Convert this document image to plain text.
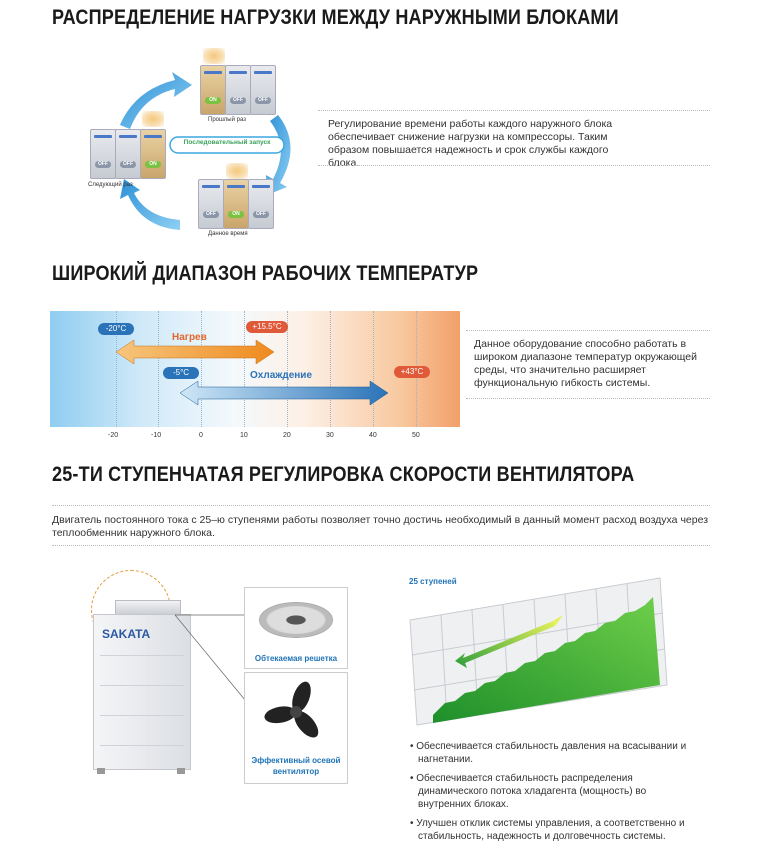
РАСПРЕДЕЛЕНИЕ НАГРУЗКИ МЕЖДУ НАРУЖНЫМИ БЛОКАМИ
Последовательный запуск
ON	OFF	OFF
Прошлый раз
OFF	OFF	ON
Следующий раз
OFF	ON	OFF
Данное время
Регулирование времени работы каждого наружного блока обеспечивает снижение нагрузки на компрессоры. Таким образом повышается надежность и срок службы каждого блока.
ШИРОКИЙ ДИАПАЗОН РАБОЧИХ ТЕМПЕРАТУР
Нагрев
Охлаждение
-20°C	+15.5°C
-5°C	+43°C
-20	-10	0	10	20	30	40	50
Данное оборудование способно работать в широком диапазоне температур окружающей среды, что значительно расширяет функциональную гибкость системы.
25-ТИ СТУПЕНЧАТАЯ РЕГУЛИРОВКА СКОРОСТИ ВЕНТИЛЯТОРА
Двигатель постоянного тока с 25–ю ступенями работы позволяет точно достичь необходимый в данный момент расход воздуха через теплообменник наружного блока.
SAKATA
Обтекаемая решетка
Эффективный осевой
вентилятор
25 ступеней
• Обеспечивается стабильность давления на всасывании и нагнетании.
• Обеспечивается стабильность распределения динамического потока хладагента (мощность) во внутренних блоках.
• Улучшен отклик системы управления, а соответственно и стабильность, надежность и долговечность системы.
